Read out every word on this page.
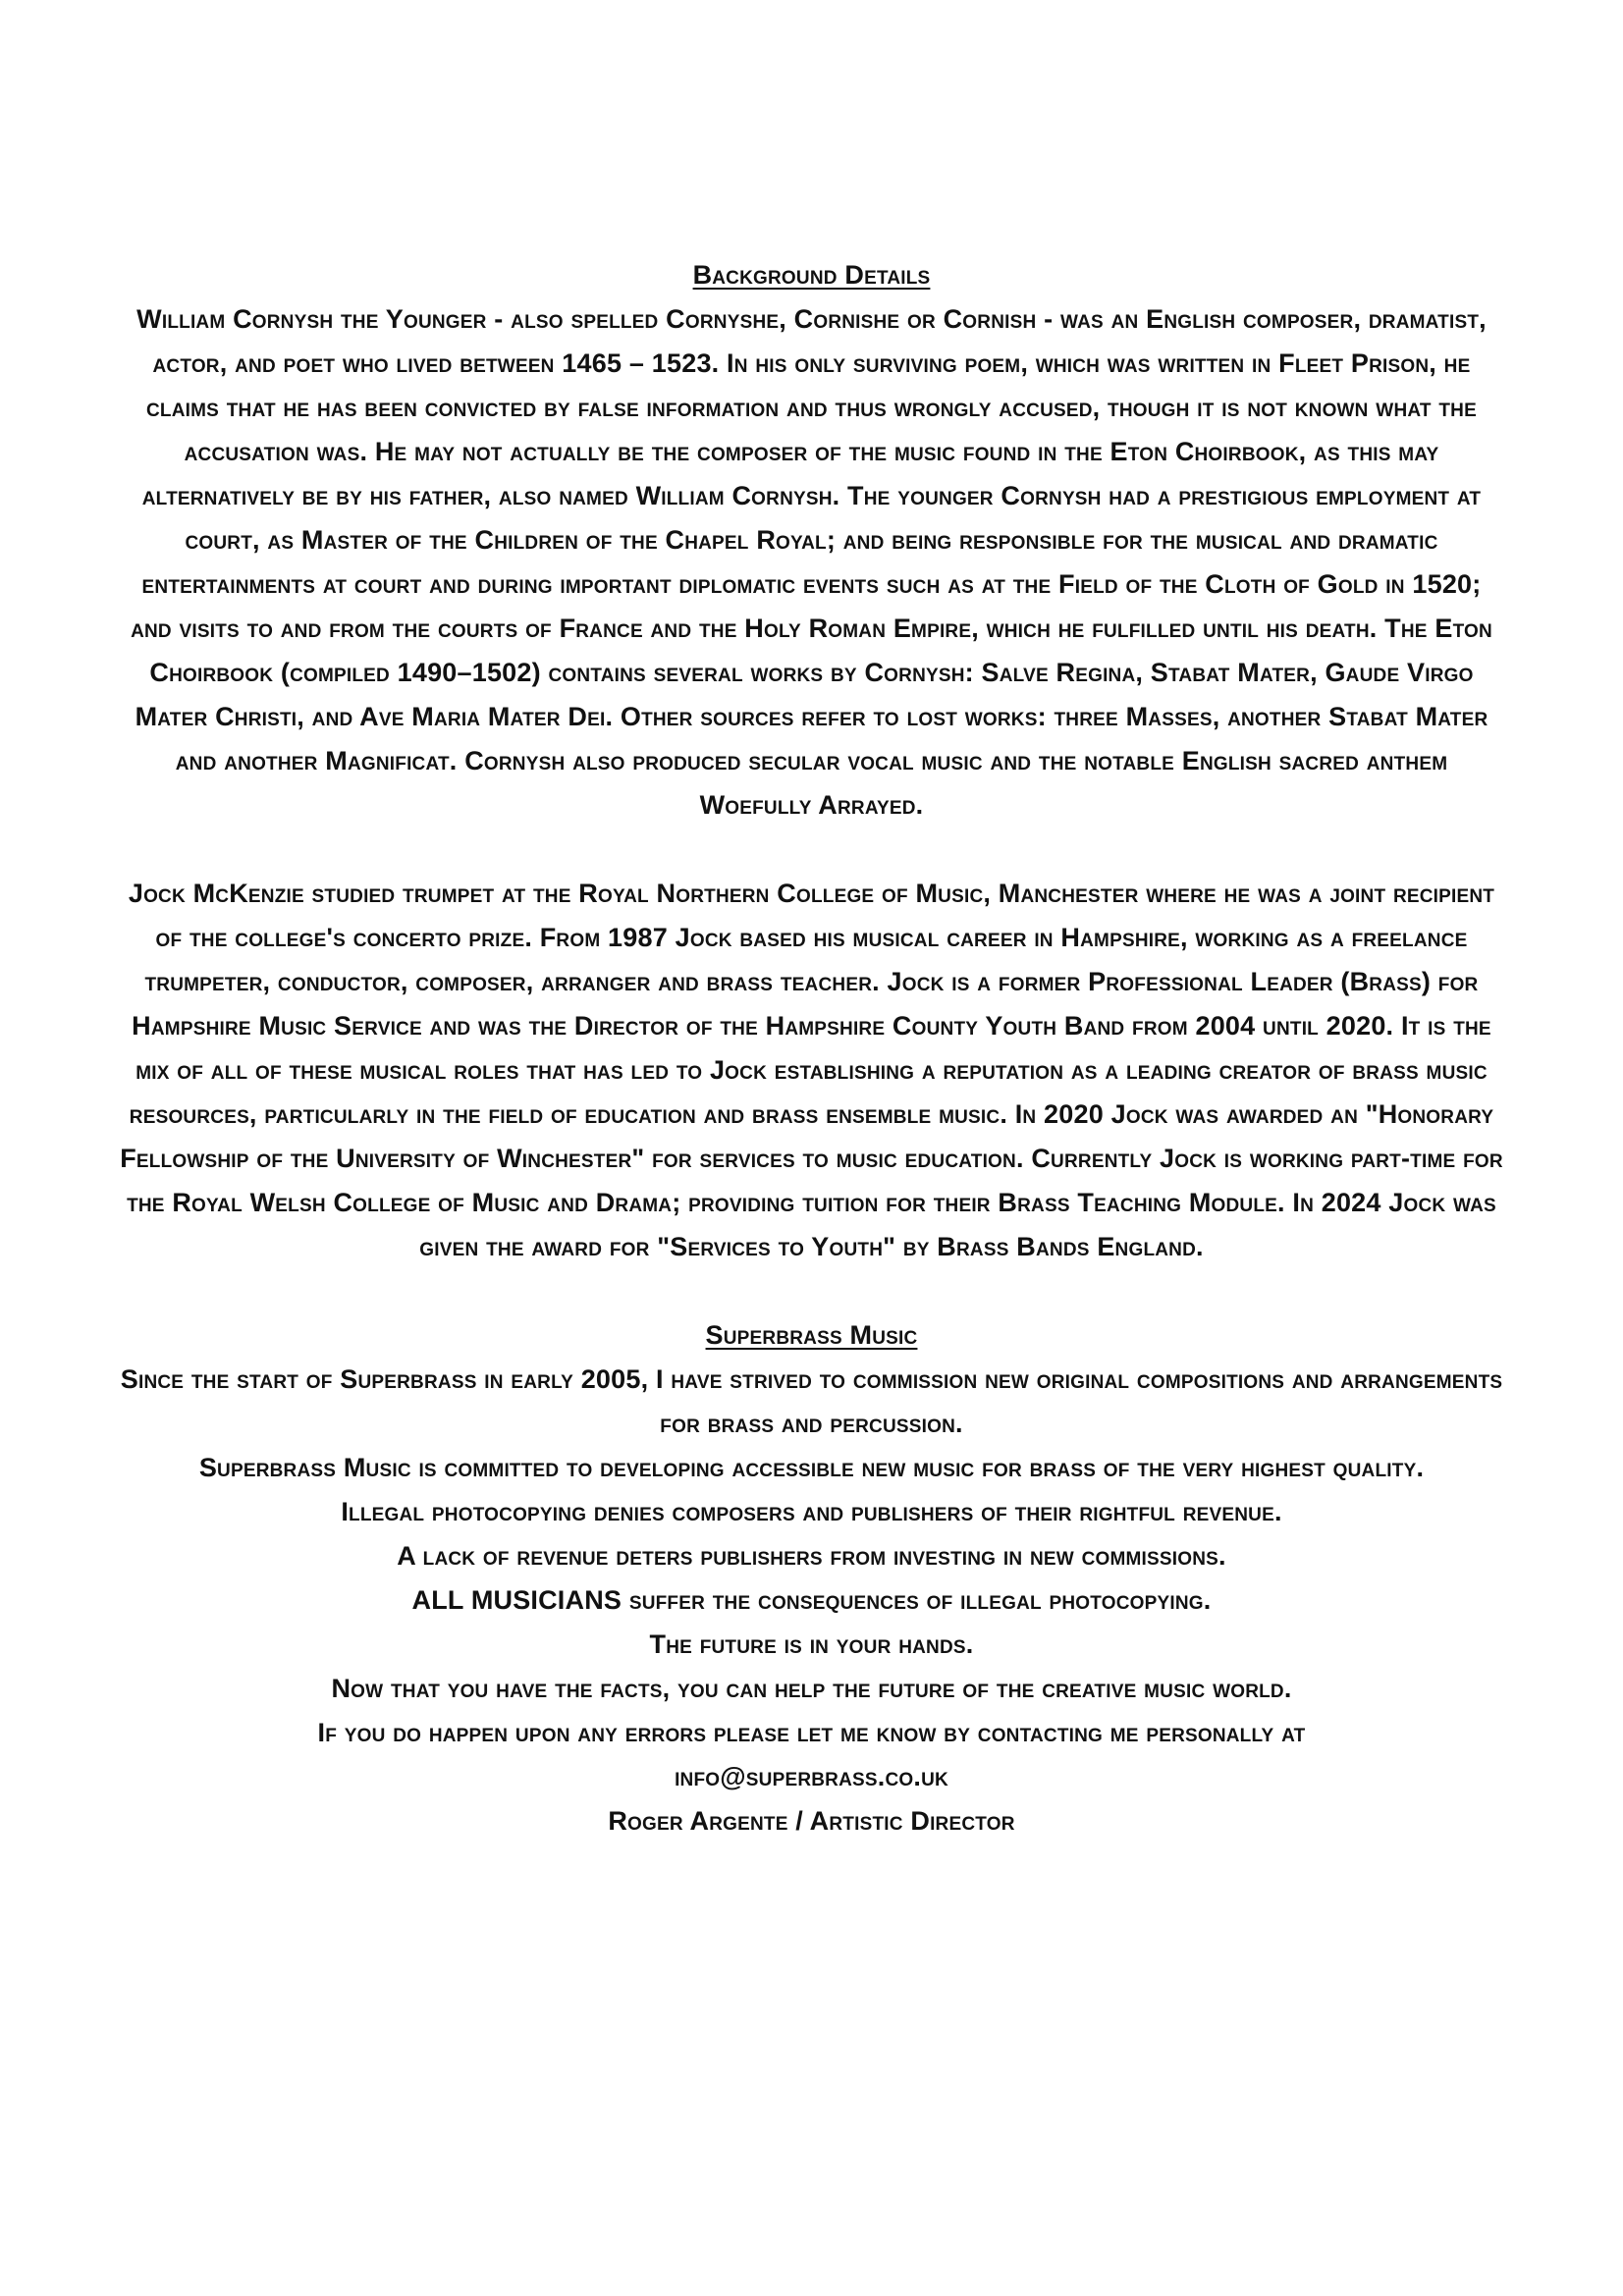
Background Details

William Cornysh the Younger - also spelled Cornyshe, Cornishe or Cornish - was an English composer, dramatist, actor, and poet who lived between 1465 – 1523. In his only surviving poem, which was written in Fleet Prison, he claims that he has been convicted by false information and thus wrongly accused, though it is not known what the accusation was. He may not actually be the composer of the music found in the Eton Choirbook, as this may alternatively be by his father, also named William Cornysh. The younger Cornysh had a prestigious employment at court, as Master of the Children of the Chapel Royal; and being responsible for the musical and dramatic entertainments at court and during important diplomatic events such as at the Field of the Cloth of Gold in 1520; and visits to and from the courts of France and the Holy Roman Empire, which he fulfilled until his death. The Eton Choirbook (compiled 1490–1502) contains several works by Cornysh: Salve Regina, Stabat Mater, Gaude Virgo Mater Christi, and Ave Maria Mater Dei. Other sources refer to lost works: three Masses, another Stabat Mater and another Magnificat. Cornysh also produced secular vocal music and the notable English sacred anthem Woefully Arrayed.

Jock McKenzie studied trumpet at the Royal Northern College of Music, Manchester where he was a joint recipient of the college's concerto prize. From 1987 Jock based his musical career in Hampshire, working as a freelance trumpeter, conductor, composer, arranger and brass teacher. Jock is a former Professional Leader (Brass) for Hampshire Music Service and was the Director of the Hampshire County Youth Band from 2004 until 2020. It is the mix of all of these musical roles that has led to Jock establishing a reputation as a leading creator of brass music resources, particularly in the field of education and brass ensemble music. In 2020 Jock was awarded an "Honorary Fellowship of the University of Winchester" for services to music education. Currently Jock is working part-time for the Royal Welsh College of Music and Drama; providing tuition for their Brass Teaching Module. In 2024 Jock was given the award for "Services to Youth" by Brass Bands England.

Superbrass Music

Since the start of Superbrass in early 2005, I have strived to commission new original compositions and arrangements for brass and percussion.

Superbrass Music is committed to developing accessible new music for brass of the very highest quality.

Illegal photocopying denies composers and publishers of their rightful revenue.

A lack of revenue deters publishers from investing in new commissions.

ALL MUSICIANS suffer the consequences of illegal photocopying.

The future is in your hands.

Now that you have the facts, you can help the future of the creative music world.

If you do happen upon any errors please let me know by contacting me personally at

info@superbrass.co.uk

Roger Argente / Artistic Director
